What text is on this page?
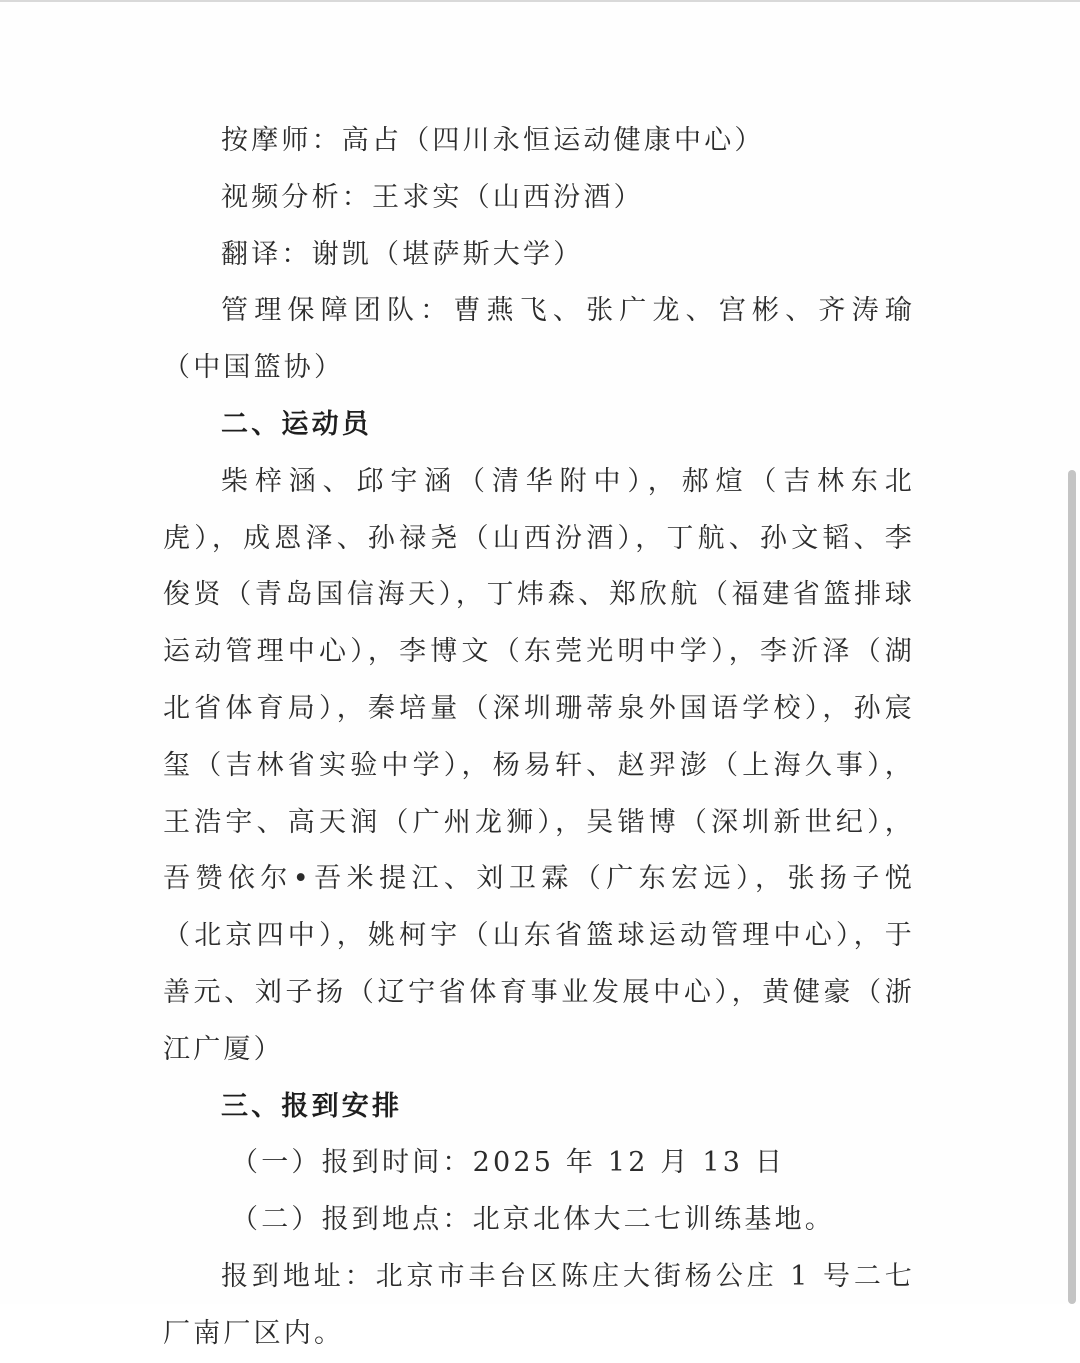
按摩师：高占（四川永恒运动健康中心）

视频分析：王求实（山西汾酒）

翻译：谢凯（堪萨斯大学）

管理保障团队：曹燕飞、张广龙、宫彬、齐涛瑜（中国篮协）

二、运动员

柴梓涵、邱宇涵（清华附中），郝煊（吉林东北虎），成恩泽、孙禄尧（山西汾酒），丁航、孙文韬、李俊贤（青岛国信海天），丁炜森、郑欣航（福建省篮排球运动管理中心），李博文（东莞光明中学），李沂泽（湖北省体育局），秦培量（深圳珊蒂泉外国语学校），孙宸玺（吉林省实验中学），杨易轩、赵羿澎（上海久事），王浩宇、高天润（广州龙狮），吴锴博（深圳新世纪），吾赞依尔•吾米提江、刘卫霖（广东宏远），张扬子悦（北京四中），姚柯宇（山东省篮球运动管理中心），于善元、刘子扬（辽宁省体育事业发展中心），黄健豪（浙江广厦）

三、报到安排

（一）报到时间：2025 年 12 月 13 日

（二）报到地点：北京北体大二七训练基地。

报到地址：北京市丰台区陈庄大街杨公庄 1 号二七厂南厂区内。
